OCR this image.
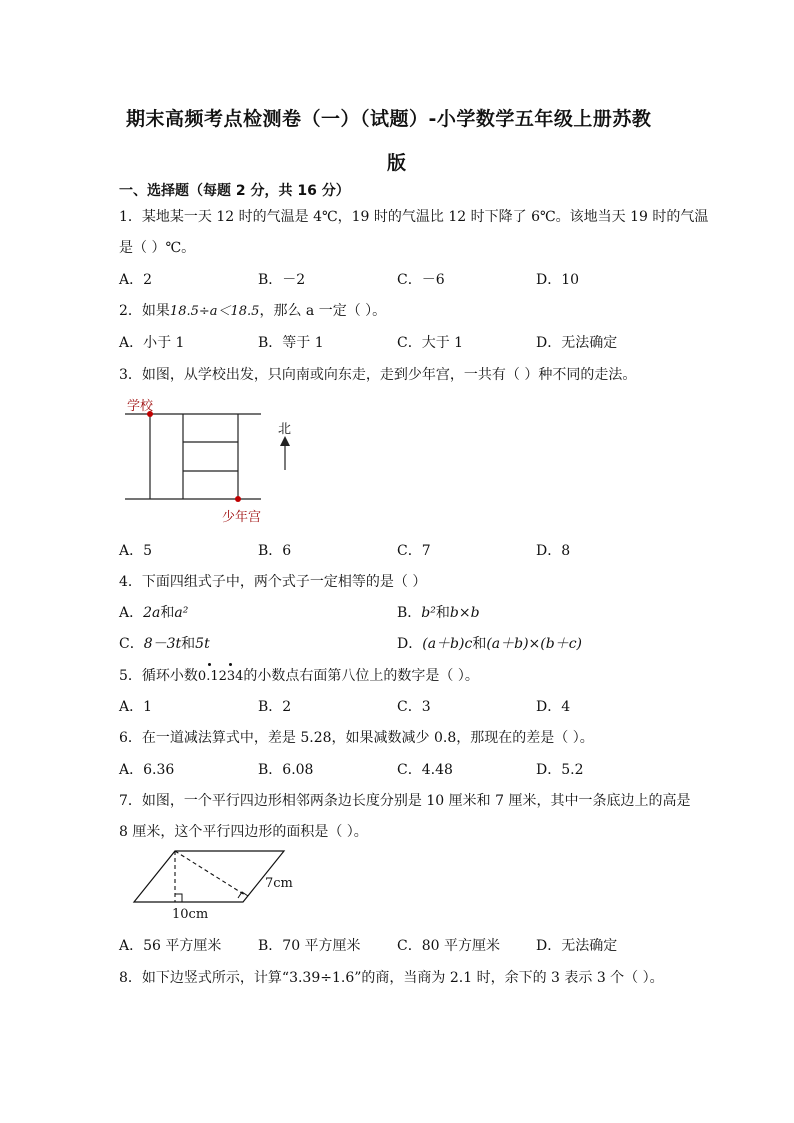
期末高频考点检测卷（一）（试题）-小学数学五年级上册苏教
版
一、选择题（每题 2 分，共 16 分）
1．某地某一天 12 时的气温是 4℃，19 时的气温比 12 时下降了 6℃。该地当天 19 时的气温
是（ ）℃。
A．2	B．－2	C．－6	D．10
2．如果18.5÷a＜18.5，那么 a 一定（ ）。
A．小于 1	B．等于 1	C．大于 1	D．无法确定
3．如图，从学校出发，只向南或向东走，走到少年宫，一共有（ ）种不同的走法。
学校
少年宫
北
A．5	B．6	C．7	D．8
4．下面四组式子中，两个式子一定相等的是（ ）
A．2a和a²	B．b²和b×b
C．8－3t和5t	D．(a＋b)c和(a＋b)×(b＋c)
5．循环小数0.1234的小数点右面第八位上的数字是（ ）。
A．1	B．2	C．3	D．4
6．在一道减法算式中，差是 5.28，如果减数减少 0.8，那现在的差是（ ）。
A．6.36	B．6.08	C．4.48	D．5.2
7．如图，一个平行四边形相邻两条边长度分别是 10 厘米和 7 厘米，其中一条底边上的高是
8 厘米，这个平行四边形的面积是（ ）。
7cm
10cm
A．56 平方厘米	B．70 平方厘米	C．80 平方厘米	D．无法确定
8．如下边竖式所示，计算“3.39÷1.6”的商，当商为 2.1 时，余下的 3 表示 3 个（ ）。
